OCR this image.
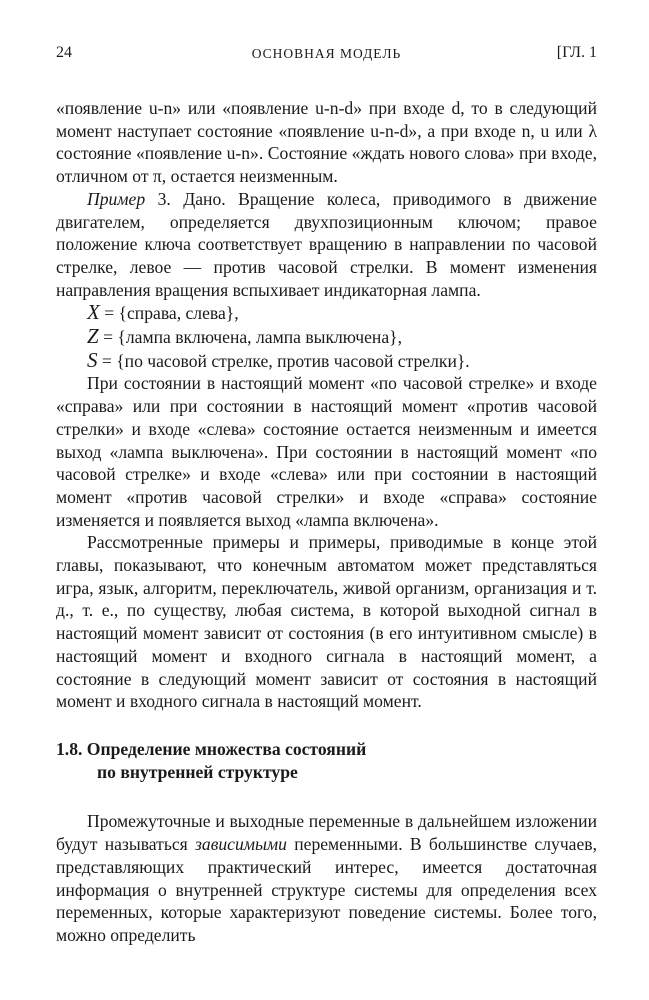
24	ОСНОВНАЯ МОДЕЛЬ	[ГЛ. 1

«появление u-n» или «появление u-n-d» при входе d, то в следующий момент наступает состояние «появление u-n-d», а при входе n, u или λ состояние «появление u-n». Состояние «ждать нового слова» при входе, отличном от π, остается неизменным.

Пример 3. Дано. Вращение колеса, приводимого в движение двигателем, определяется двухпозиционным ключом; правое положение ключа соответствует вращению в направлении по часовой стрелке, левое — против часовой стрелки. В момент изменения направления вращения вспыхивает индикаторная лампа.

X = {справа, слева},
Z = {лампа включена, лампа выключена},
S = {по часовой стрелке, против часовой стрелки}.

При состоянии в настоящий момент «по часовой стрелке» и входе «справа» или при состоянии в настоящий момент «против часовой стрелки» и входе «слева» состояние остается неизменным и имеется выход «лампа выключена». При состоянии в настоящий момент «по часовой стрелке» и входе «слева» или при состоянии в настоящий момент «против часовой стрелки» и входе «справа» состояние изменяется и появляется выход «лампа включена».

Рассмотренные примеры и примеры, приводимые в конце этой главы, показывают, что конечным автоматом может представляться игра, язык, алгоритм, переключатель, живой организм, организация и т. д., т. е., по существу, любая система, в которой выходной сигнал в настоящий момент зависит от состояния (в его интуитивном смысле) в настоящий момент и входного сигнала в настоящий момент, а состояние в следующий момент зависит от состояния в настоящий момент и входного сигнала в настоящий момент.

1.8. Определение множества состояний
по внутренней структуре

Промежуточные и выходные переменные в дальнейшем изложении будут называться зависимыми переменными. В большинстве случаев, представляющих практический интерес, имеется достаточная информация о внутренней структуре системы для определения всех переменных, которые характеризуют поведение системы. Более того, можно определить
